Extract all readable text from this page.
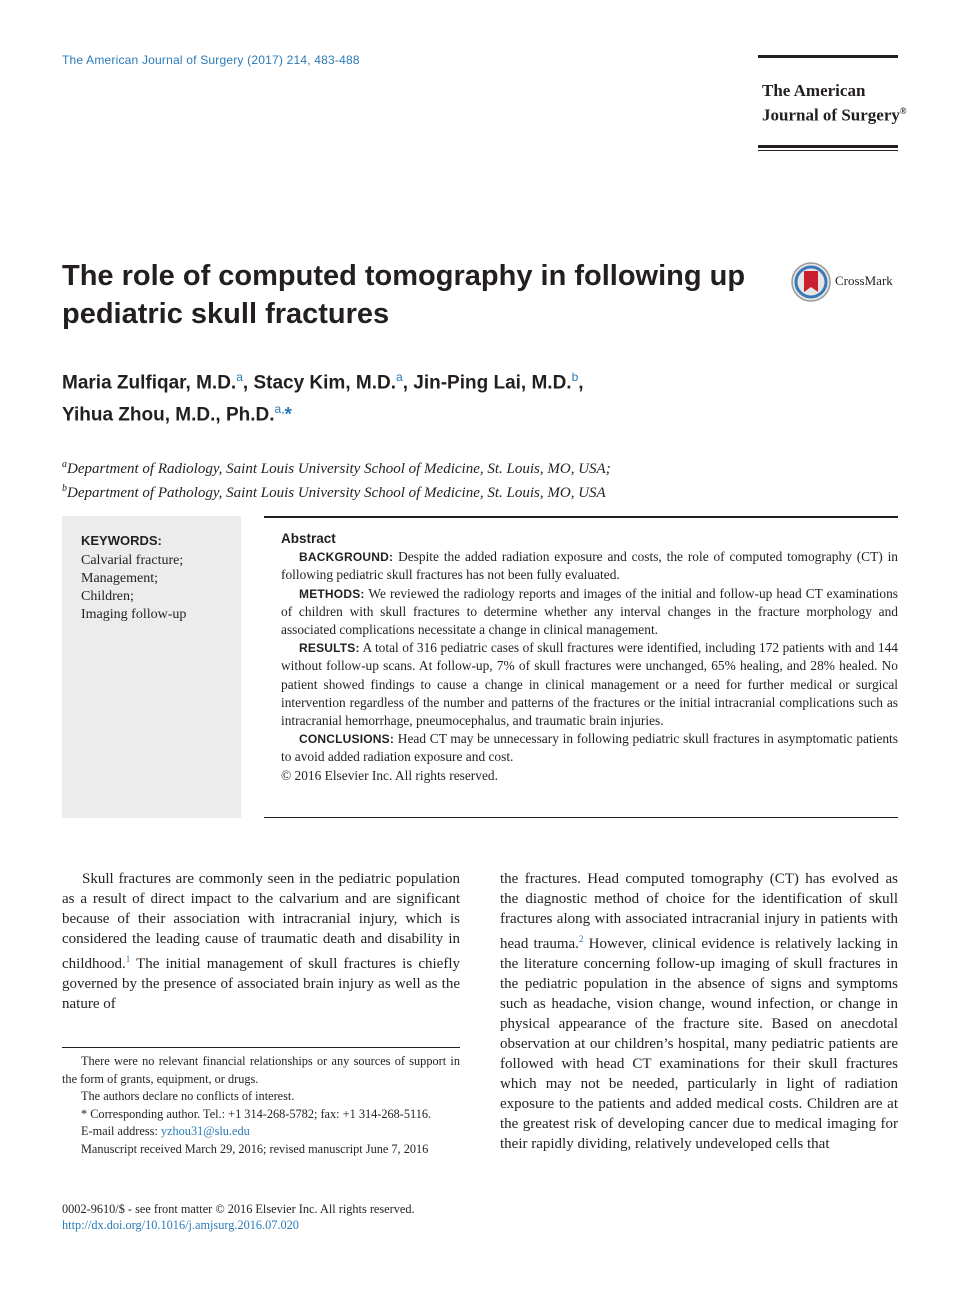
The American Journal of Surgery (2017) 214, 483-488
The American
Journal of Surgery®
The role of computed tomography in following up pediatric skull fractures
CrossMark
Maria Zulfiqar, M.D.$^a$, Stacy Kim, M.D.$^a$, Jin-Ping Lai, M.D.$^b$,
Yihua Zhou, M.D., Ph.D.$^{a,}$*
$^a$Department of Radiology, Saint Louis University School of Medicine, St. Louis, MO, USA;
$^b$Department of Pathology, Saint Louis University School of Medicine, St. Louis, MO, USA
KEYWORDS:
Calvarial fracture;
Management;
Children;
Imaging follow-up
Abstract

BACKGROUND: Despite the added radiation exposure and costs, the role of computed tomography (CT) in following pediatric skull fractures has not been fully evaluated.

METHODS: We reviewed the radiology reports and images of the initial and follow-up head CT examinations of children with skull fractures to determine whether any interval changes in the fracture morphology and associated complications necessitate a change in clinical management.

RESULTS: A total of 316 pediatric cases of skull fractures were identified, including 172 patients with and 144 without follow-up scans. At follow-up, 7% of skull fractures were unchanged, 65% healing, and 28% healed. No patient showed findings to cause a change in clinical management or a need for further medical or surgical intervention regardless of the number and patterns of the fractures or the initial intracranial complications such as intracranial hemorrhage, pneumocephalus, and traumatic brain injuries.

CONCLUSIONS: Head CT may be unnecessary in following pediatric skull fractures in asymptomatic patients to avoid added radiation exposure and cost.

© 2016 Elsevier Inc. All rights reserved.

Skull fractures are commonly seen in the pediatric population as a result of direct impact to the calvarium and are significant because of their association with intracranial injury, which is considered the leading cause of traumatic death and disability in childhood.$^1$ The initial management of skull fractures is chiefly governed by the presence of associated brain injury as well as the nature of

the fractures. Head computed tomography (CT) has evolved as the diagnostic method of choice for the identification of skull fractures along with associated intracranial injury in patients with head trauma.$^2$ However, clinical evidence is relatively lacking in the literature concerning follow-up imaging of skull fractures in the pediatric population in the absence of signs and symptoms such as headache, vision change, wound infection, or change in physical appearance of the fracture site. Based on anecdotal observation at our children’s hospital, many pediatric patients are followed with head CT examinations for their skull fractures which may not be needed, particularly in light of radiation exposure to the patients and added medical costs. Children are at the greatest risk of developing cancer due to medical imaging for their rapidly dividing, relatively undeveloped cells that

There were no relevant financial relationships or any sources of support in the form of grants, equipment, or drugs.

The authors declare no conflicts of interest.

* Corresponding author. Tel.: +1 314-268-5782; fax: +1 314-268-5116.

E-mail address: yzhou31@slu.edu

Manuscript received March 29, 2016; revised manuscript June 7, 2016

0002-9610/$ - see front matter © 2016 Elsevier Inc. All rights reserved.
http://dx.doi.org/10.1016/j.amjsurg.2016.07.020
